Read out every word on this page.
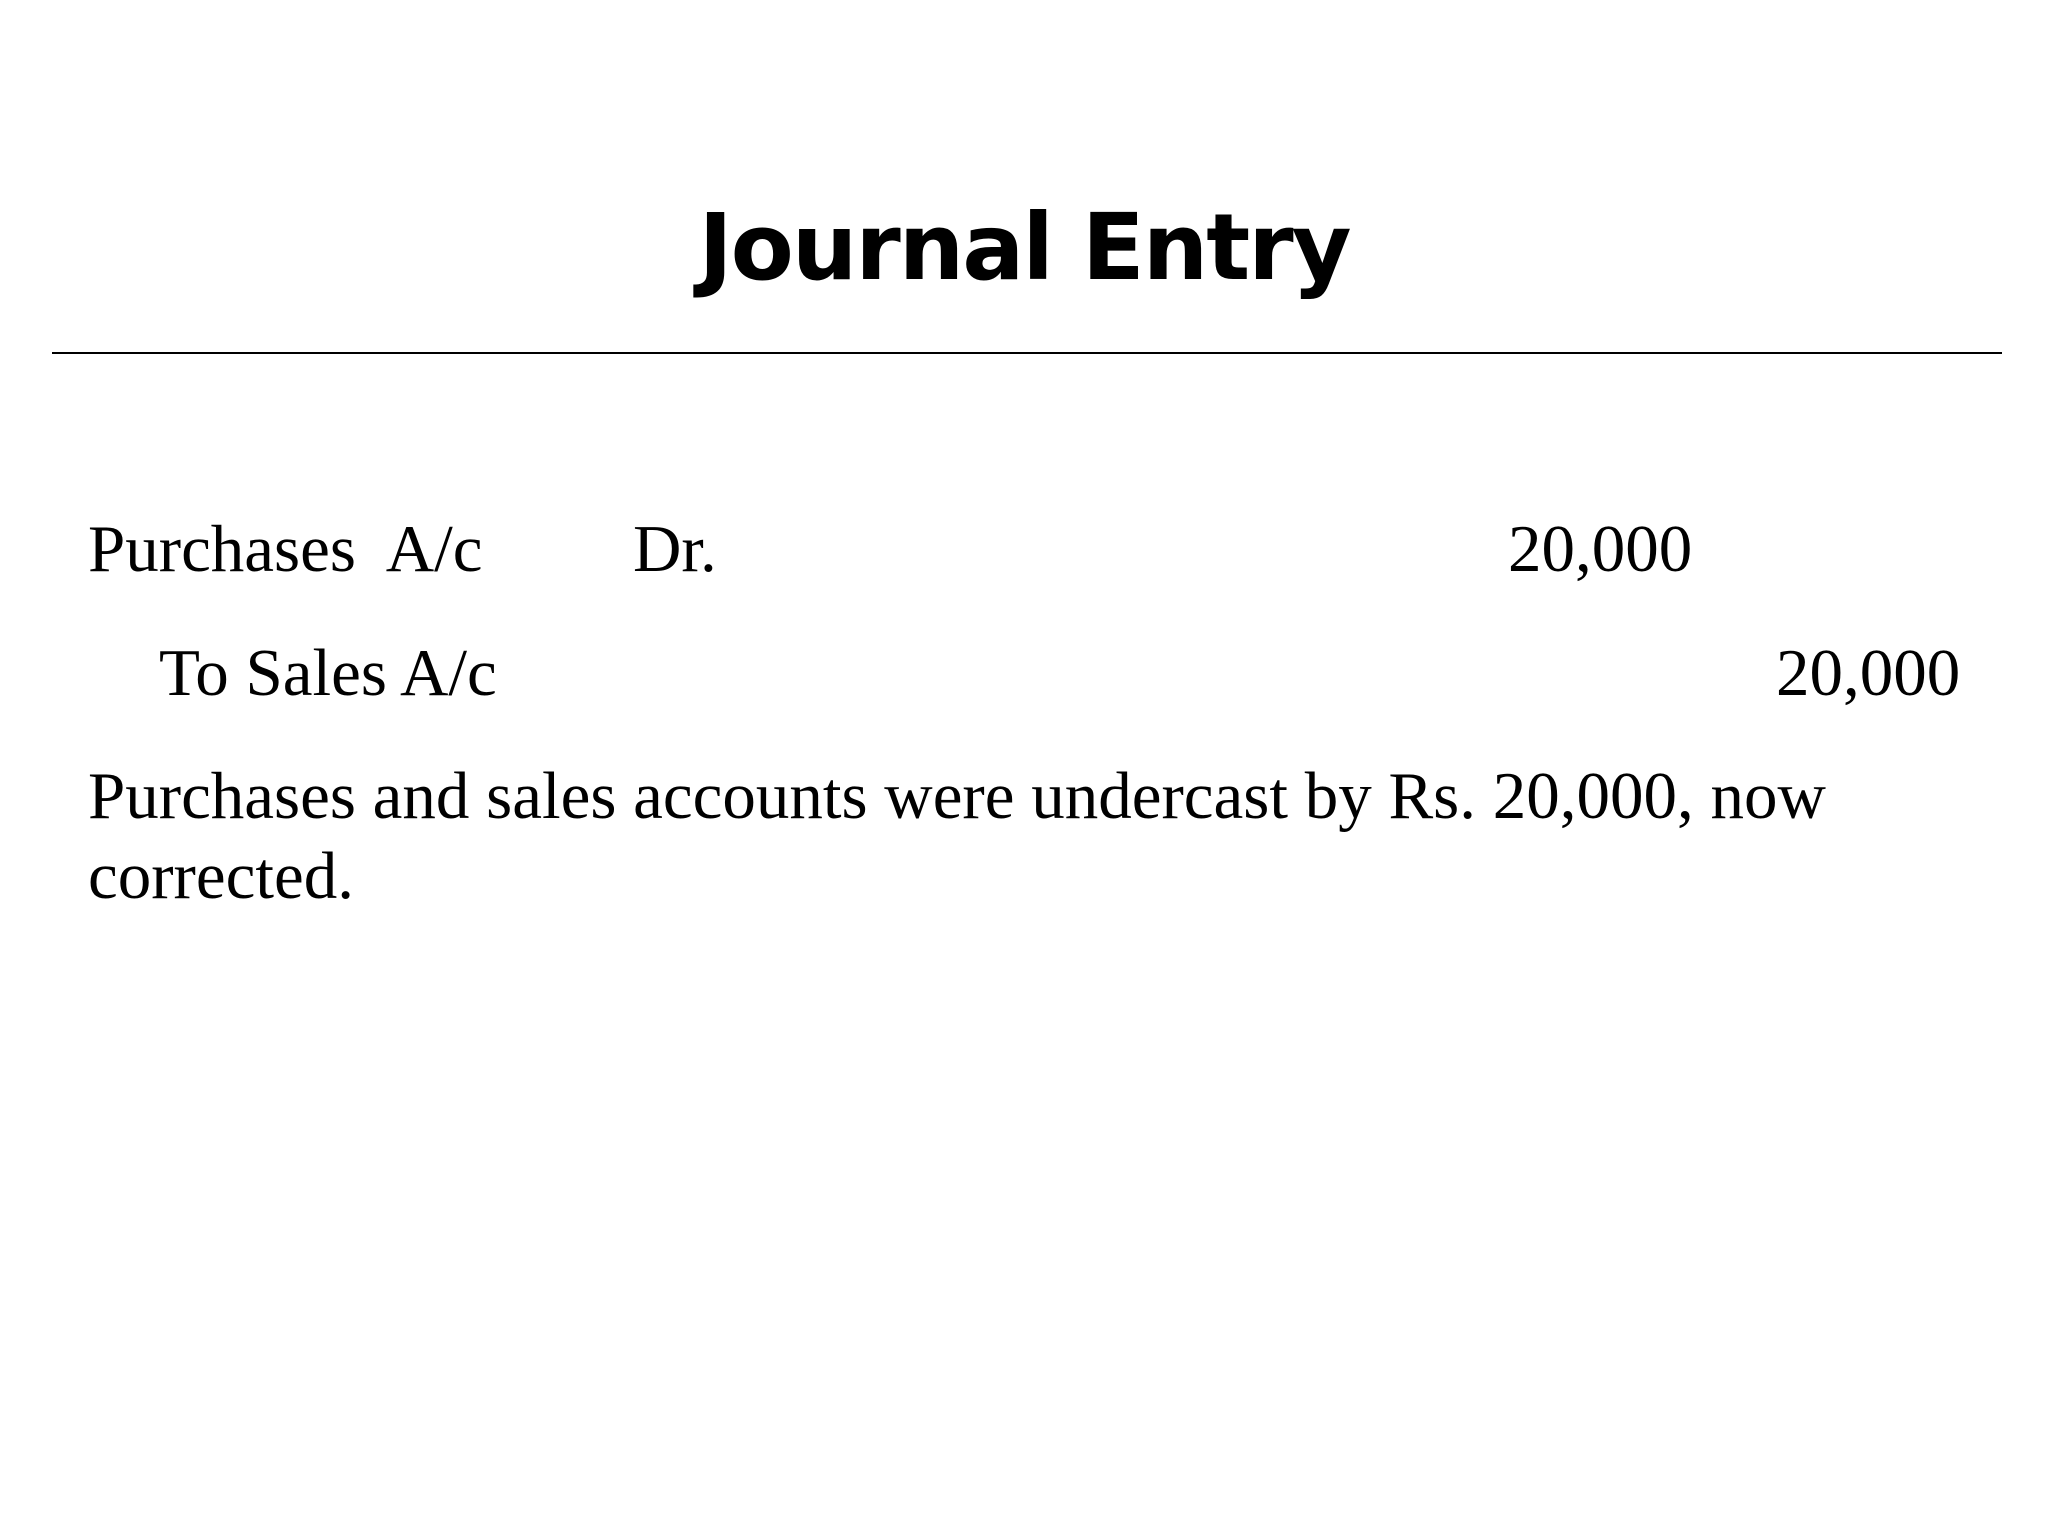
Journal Entry
Purchases  A/c Dr.	20,000
To Sales A/c	20,000
Purchases and sales accounts were undercast by Rs. 20,000, now corrected.
